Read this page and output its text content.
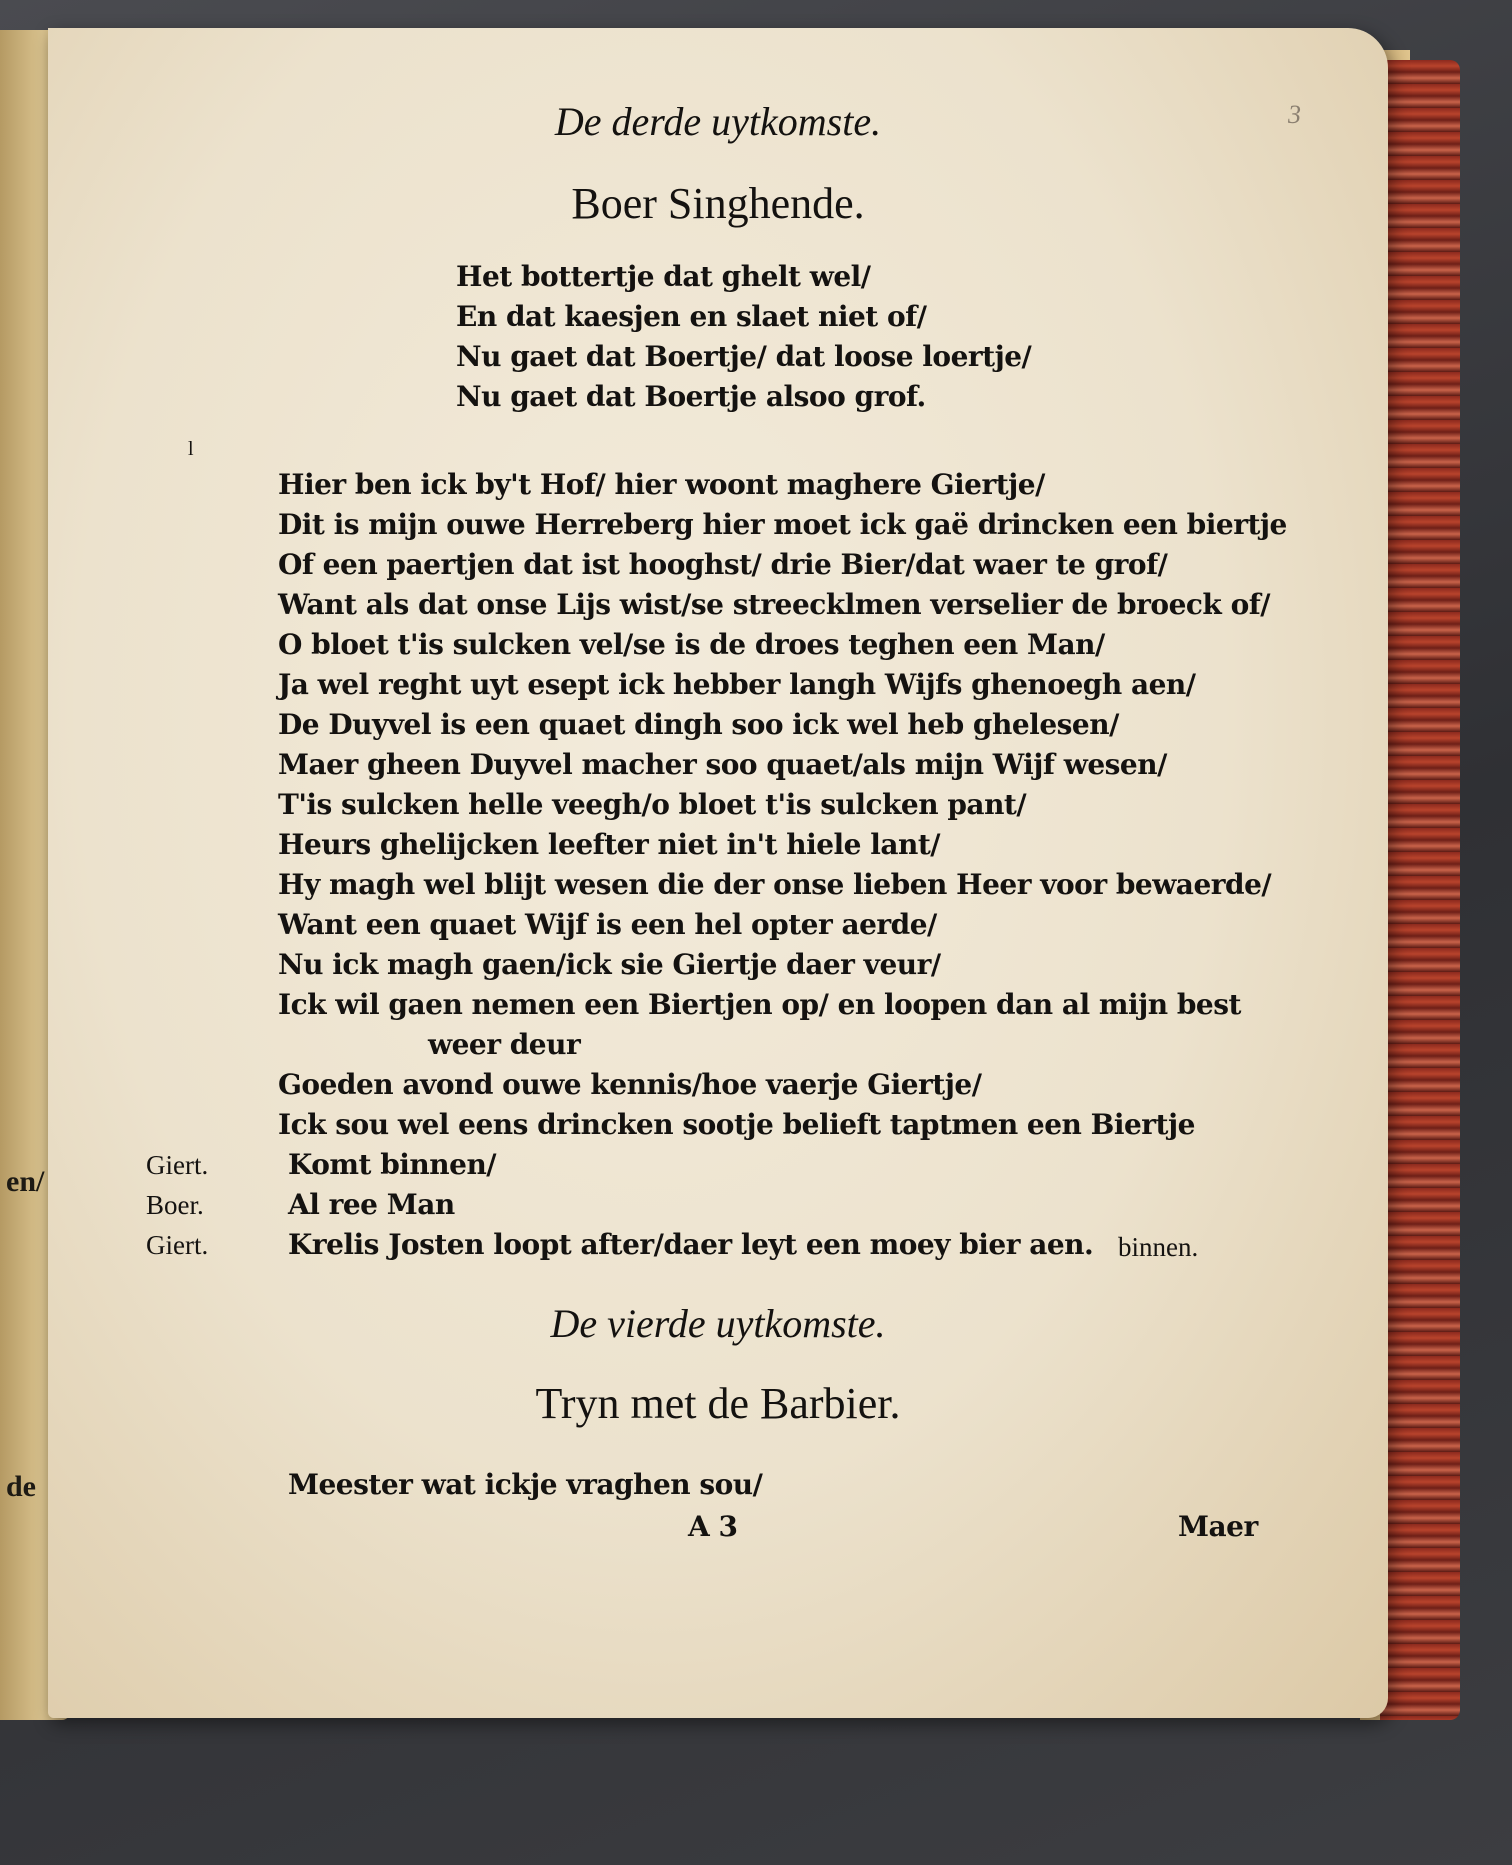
en/
de
De derde uytkomste.	3
Boer Singhende.
Het bottertje dat ghelt wel/
En dat kaesjen en slaet niet of/
Nu gaet dat Boertje/ dat loose loertje/
Nu gaet dat Boertje alsoo grof.
l
Hier ben ick by't Hof/ hier woont maghere Giertje/
Dit is mijn ouwe Herreberg hier moet ick gaë drincken een biertje
Of een paertjen dat ist hooghst/ drie Bier/dat waer te grof/
Want als dat onse Lijs wist/se streecklmen verselier de broeck of/
O bloet t'is sulcken vel/se is de droes teghen een Man/
Ja wel reght uyt esept ick hebber langh Wijfs ghenoegh aen/
De Duyvel is een quaet dingh soo ick wel heb ghelesen/
Maer gheen Duyvel macher soo quaet/als mijn Wijf wesen/
T'is sulcken helle veegh/o bloet t'is sulcken pant/
Heurs ghelijcken leefter niet in't hiele lant/
Hy magh wel blijt wesen die der onse lieben Heer voor bewaerde/
Want een quaet Wijf is een hel opter aerde/
Nu ick magh gaen/ick sie Giertje daer veur/
Ick wil gaen nemen een Biertjen op/ en loopen dan al mijn best
weer deur
Goeden avond ouwe kennis/hoe vaerje Giertje/
Ick sou wel eens drincken sootje belieft taptmen een Biertje
Giert.	Komt binnen/
Boer.	Al ree Man
Giert.	Krelis Josten loopt after/daer leyt een moey bier aen. binnen.
De vierde uytkomste.
Tryn met de Barbier.
Meester wat ickje vraghen sou/
A 3	Maer
